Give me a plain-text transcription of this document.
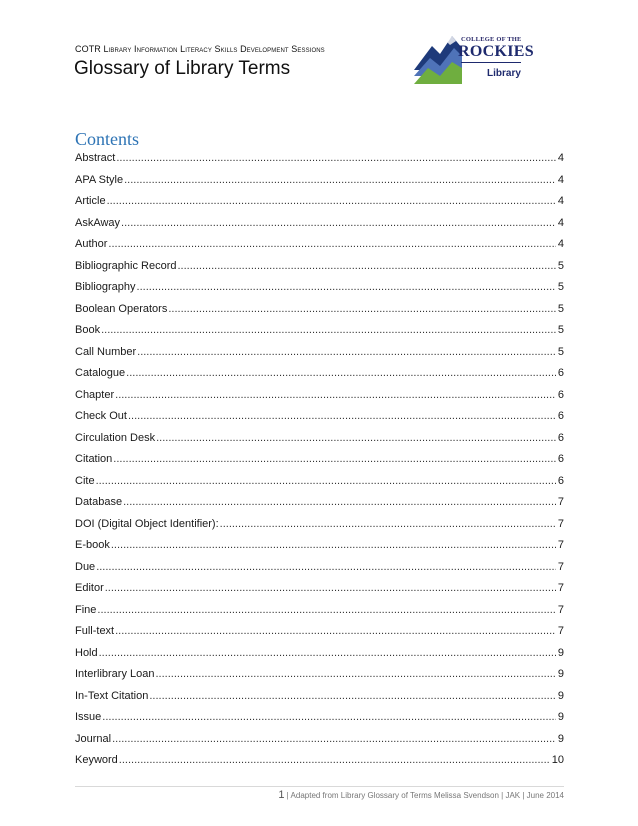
COTR Library Information Literacy Skills Development Sessions
Glossary of Library Terms
COLLEGE OF THE
ROCKIES
Library
Contents
Abstract .....	4
APA Style .....	4
Article .....	4
AskAway .....	4
Author .....	4
Bibliographic Record .....	5
Bibliography .....	5
Boolean Operators .....	5
Book .....	5
Call Number .....	5
Catalogue .....	6
Chapter .....	6
Check Out .....	6
Circulation Desk .....	6
Citation .....	6
Cite .....	6
Database .....	7
DOI (Digital Object Identifier): .....	7
E-book .....	7
Due .....	7
Editor .....	7
Fine .....	7
Full-text .....	7
Hold .....	9
Interlibrary Loan .....	9
In-Text Citation .....	9
Issue .....	9
Journal .....	9
Keyword .....	10
1 | Adapted from Library Glossary of Terms Melissa Svendson | JAK | June 2014
